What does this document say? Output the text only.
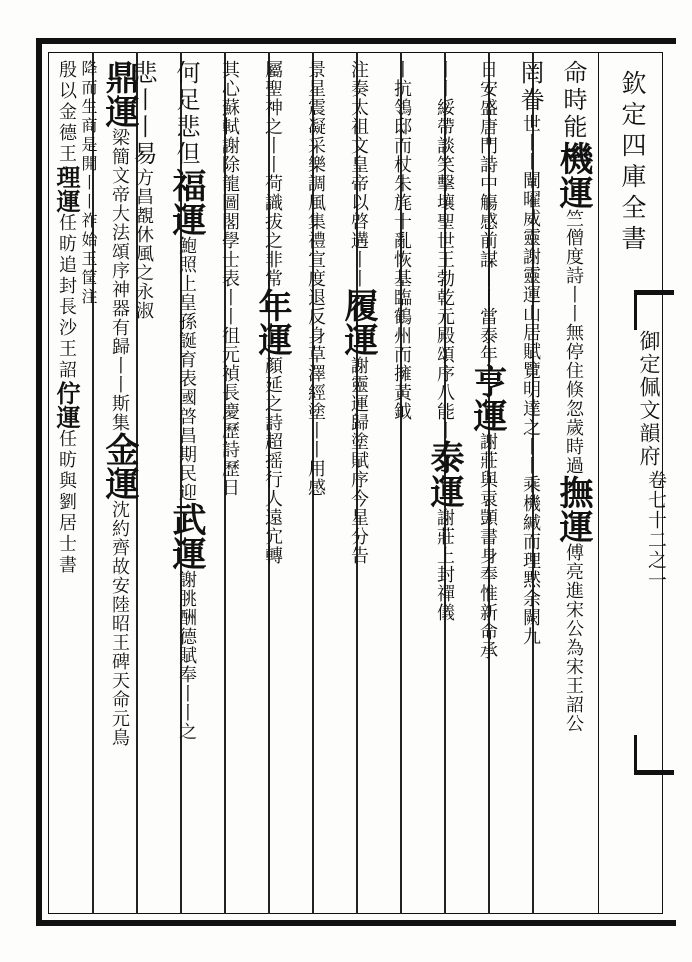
欽定四庫全書
御定佩文韻府
卷七十二之一
命時能機運竺僧度詩丨丨無停住倏忽歲時過撫運傅亮進宋公為宋王詔公
罔眷世丨丨闡曜威靈謝靈運山居賦覽明達之丨丨乘機緘而理黙余闕九
日安盛唐門詩中觴感前謀丨丨當泰年亨運謝莊與袁顗書身奉惟新命承
丨丨綏帶談笑擊壤聖世王勃乾元殿頌序八能丨泰運謝莊上封禪儀
丨抗鴒邸而杖朱旄十亂恢基臨鶴州而擁黃鉞
注奏太祖文皇帝以啓遘丨丨履運謝靈運歸塗賦序今星分告
景星震凝采樂調風集禮宣度退反身草澤經塗丨丨用感
屬聖神之丨丨荷識拔之非常年運顏延之詩超摇行人遠宂轉
其心蘇軾謝除龍圖閣學士表丨丨徂元禎長慶歷詩歷日
何足悲但福運鮑照上皇孫誕育表國啓昌期民迎武運謝朓酬德賦奉丨丨之
悲丨丨易方昌覩休風之永淑
鼎運梁簡文帝大法頌序神器有歸丨丨斯集金運沈約齊故安陸昭王碑天命元鳥
降而生商是開丨丨祚始玉筐注
殷以金德王理運任昉追封長沙王詔佇運任昉與劉居士書
